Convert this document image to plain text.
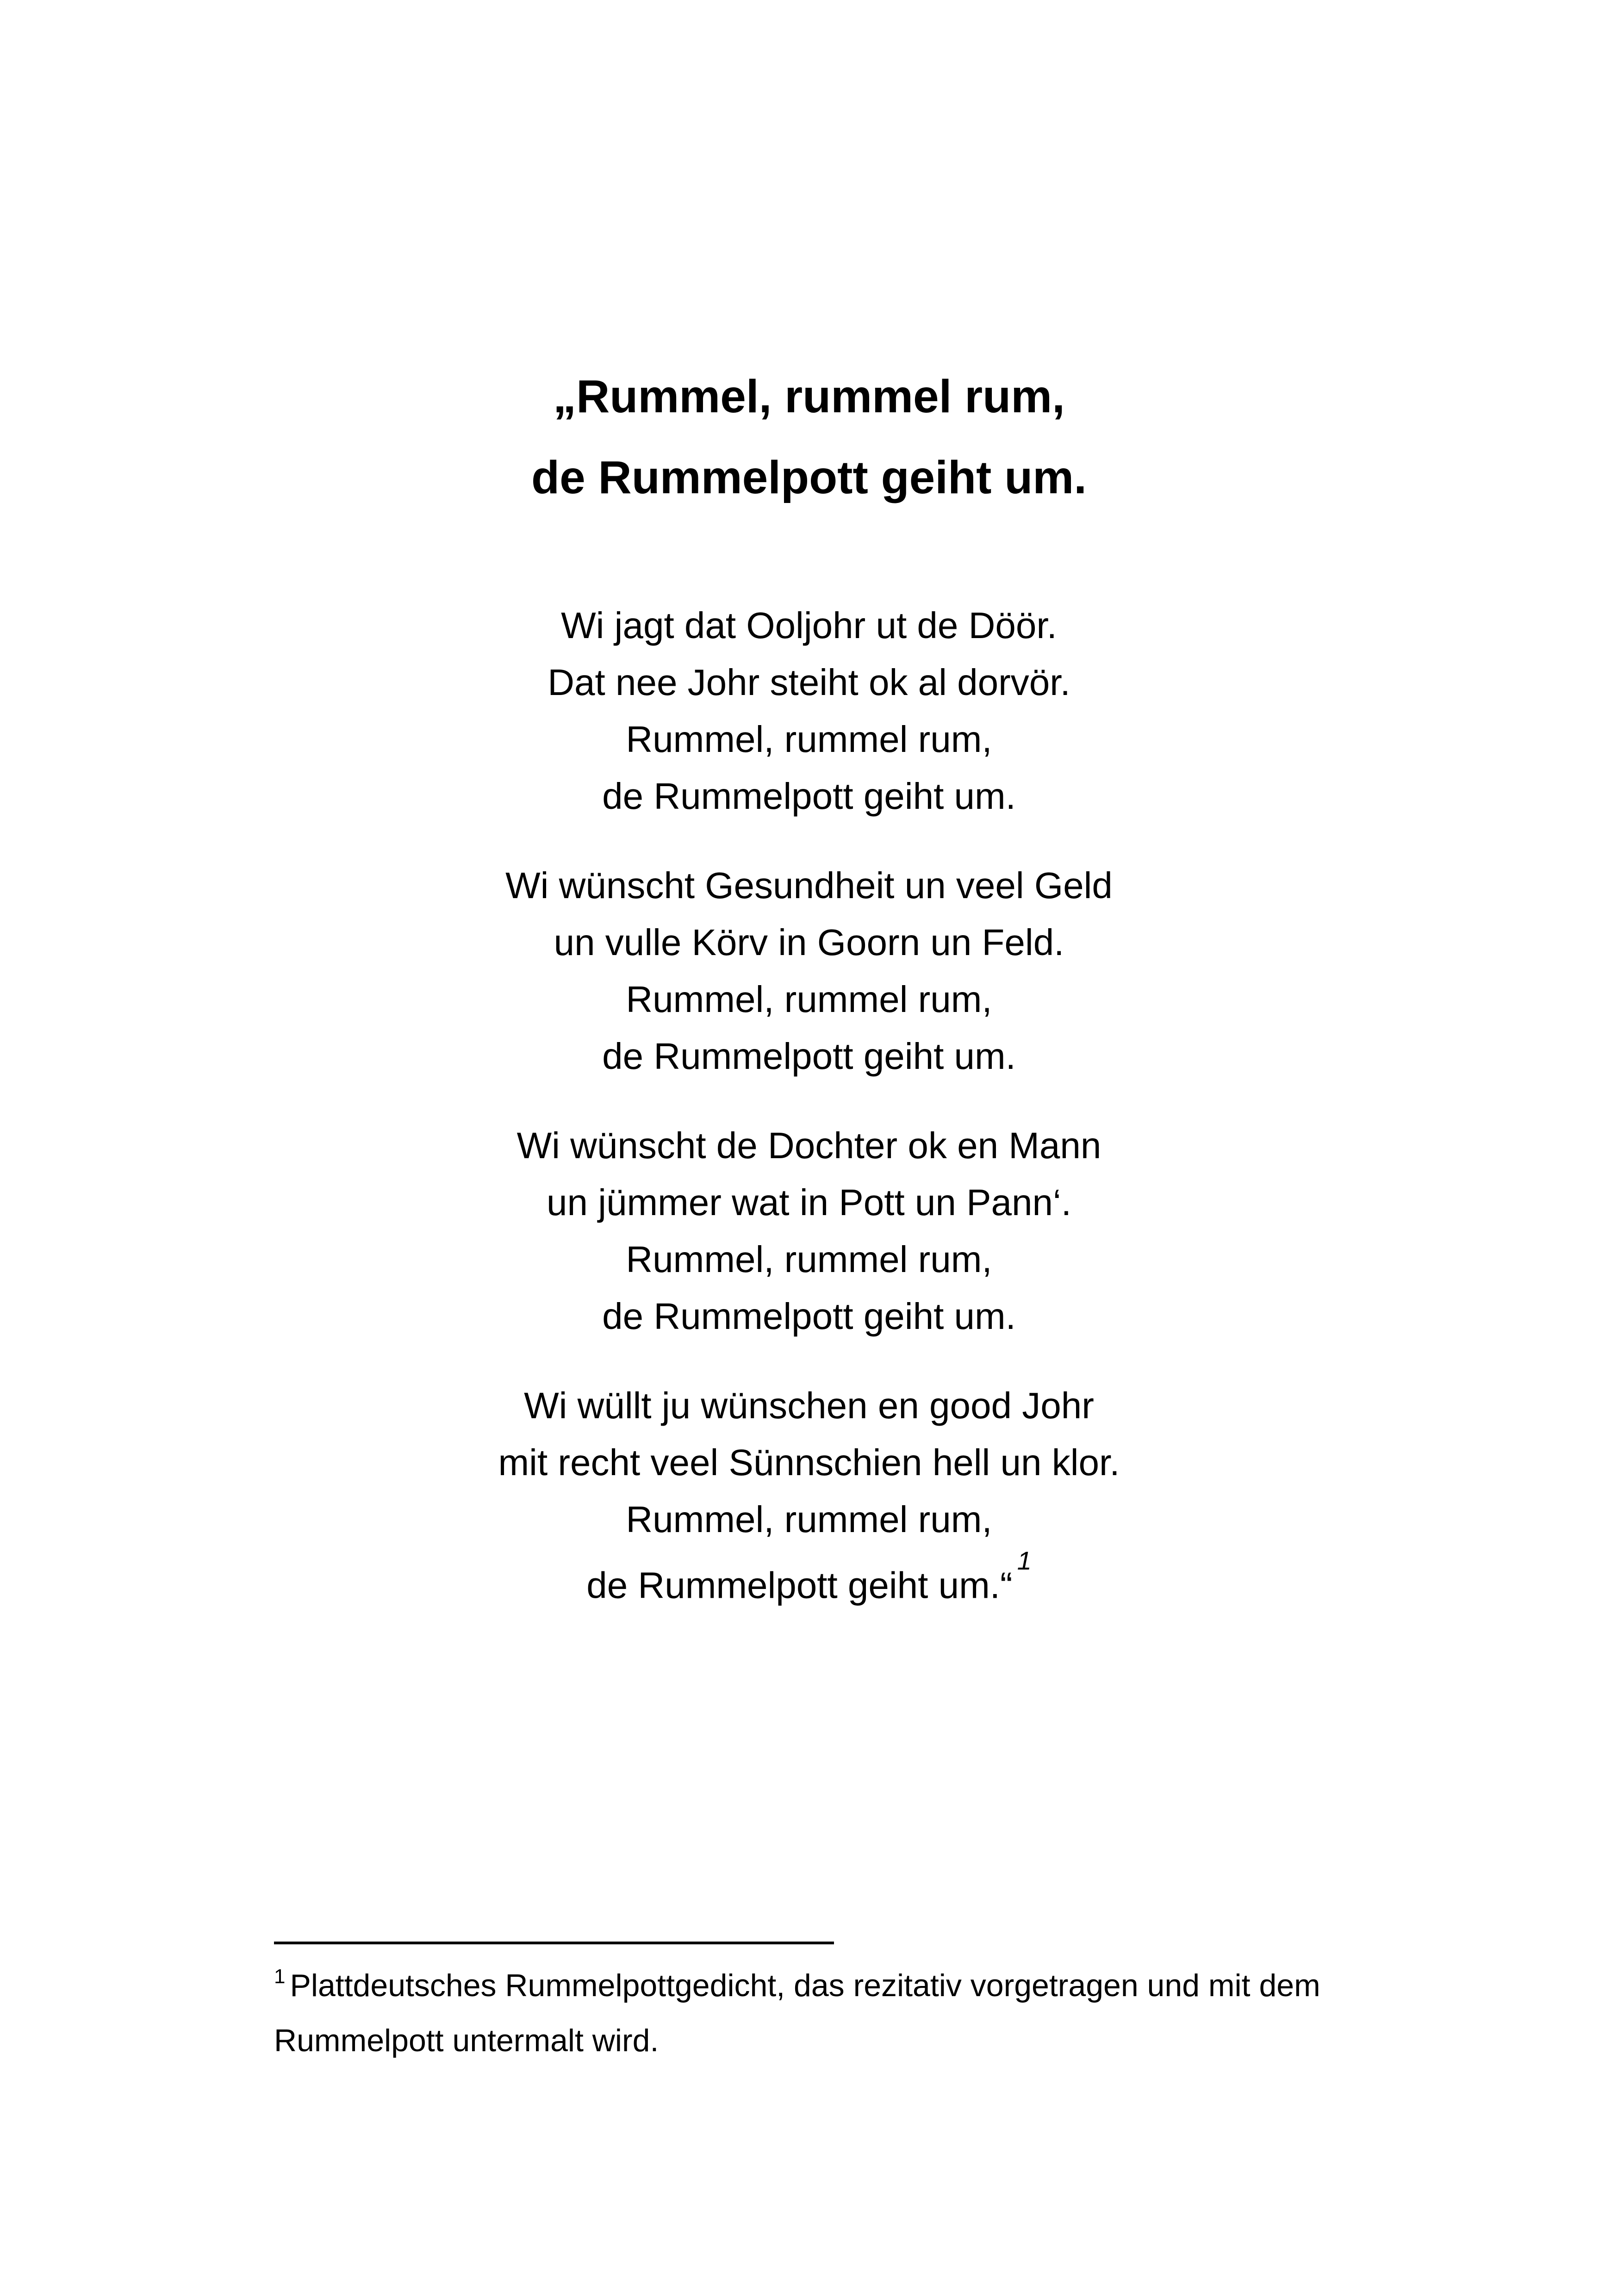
„Rummel, rummel rum,
de Rummelpott geiht um.
Wi jagt dat Ooljohr ut de Döör.
Dat nee Johr steiht ok al dorvör.
Rummel, rummel rum,
de Rummelpott geiht um.
Wi wünscht Gesundheit un veel Geld
un vulle Körv in Goorn un Feld.
Rummel, rummel rum,
de Rummelpott geiht um.
Wi wünscht de Dochter ok en Mann
un jümmer wat in Pott un Pann‘.
Rummel, rummel rum,
de Rummelpott geiht um.
Wi wüllt ju wünschen en good Johr
mit recht veel Sünnschien hell un klor.
Rummel, rummel rum,
de Rummelpott geiht um.“$^1$
$^1$ Plattdeutsches Rummelpottgedicht, das rezitativ vorgetragen und mit dem Rummelpott untermalt wird.
